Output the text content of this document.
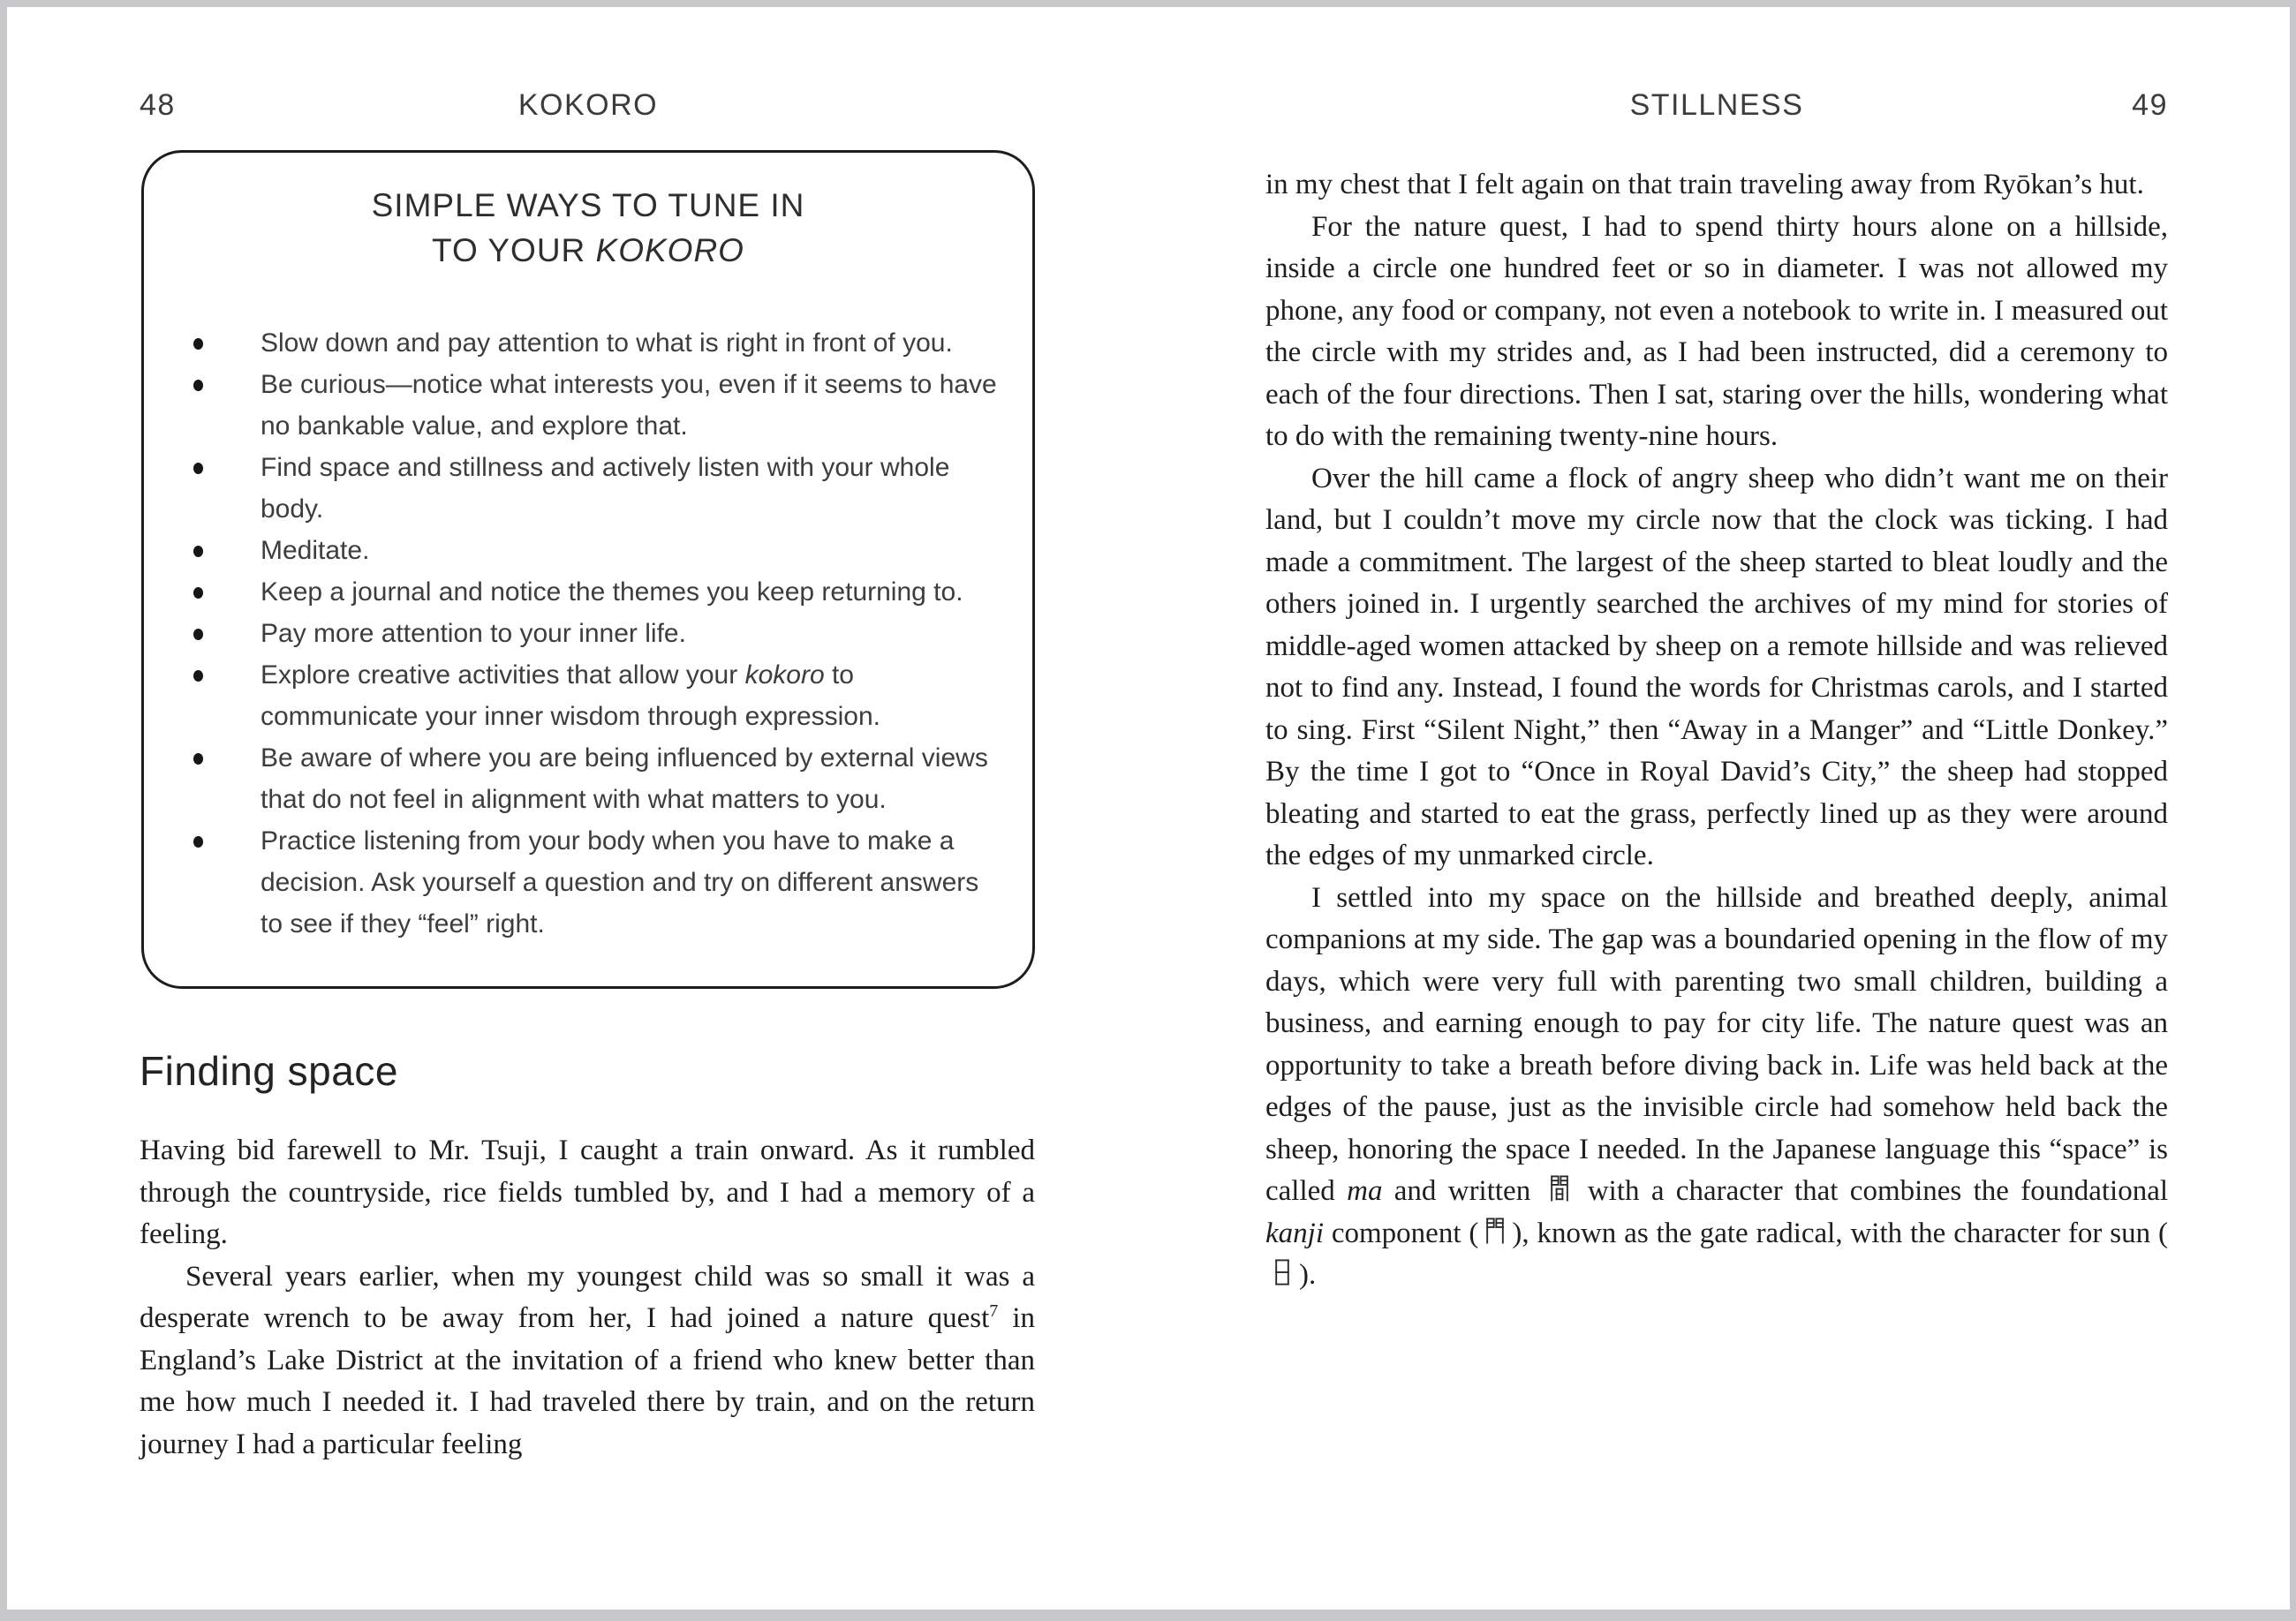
48	KOKORO

SIMPLE WAYS TO TUNE IN
TO YOUR KOKORO

Slow down and pay attention to what is right in front of you.
Be curious—notice what interests you, even if it seems to have no bankable value, and explore that.
Find space and stillness and actively listen with your whole body.
Meditate.
Keep a journal and notice the themes you keep returning to.
Pay more attention to your inner life.
Explore creative activities that allow your kokoro to communicate your inner wisdom through expression.
Be aware of where you are being influenced by external views that do not feel in alignment with what matters to you.
Practice listening from your body when you have to make a decision. Ask yourself a question and try on different answers to see if they “feel” right.
Finding space

Having bid farewell to Mr. Tsuji, I caught a train onward. As it rumbled through the countryside, rice fields tumbled by, and I had a memory of a feeling.

Several years earlier, when my youngest child was so small it was a desperate wrench to be away from her, I had joined a nature quest$^7$ in England’s Lake District at the invitation of a friend who knew better than me how much I needed it. I had traveled there by train, and on the return journey I had a particular feeling

STILLNESS	49

in my chest that I felt again on that train traveling away from Ryōkan’s hut.

For the nature quest, I had to spend thirty hours alone on a hillside, inside a circle one hundred feet or so in diameter. I was not allowed my phone, any food or company, not even a notebook to write in. I measured out the circle with my strides and, as I had been instructed, did a ceremony to each of the four directions. Then I sat, staring over the hills, wondering what to do with the remaining twenty-nine hours.

Over the hill came a flock of angry sheep who didn’t want me on their land, but I couldn’t move my circle now that the clock was ticking. I had made a commitment. The largest of the sheep started to bleat loudly and the others joined in. I urgently searched the archives of my mind for stories of middle-aged women attacked by sheep on a remote hillside and was relieved not to find any. Instead, I found the words for Christmas carols, and I started to sing. First “Silent Night,” then “Away in a Manger” and “Little Donkey.” By the time I got to “Once in Royal David’s City,” the sheep had stopped bleating and started to eat the grass, perfectly lined up as they were around the edges of my unmarked circle.

I settled into my space on the hillside and breathed deeply, animal companions at my side. The gap was a boundaried opening in the flow of my days, which were very full with parenting two small children, building a business, and earning enough to pay for city life. The nature quest was an opportunity to take a breath before diving back in. Life was held back at the edges of the pause, just as the invisible circle had somehow held back the sheep, honoring the space I needed. In the Japanese language this “space” is called ma and written
with a character that combines the foundational kanji component ( ), known as the gate radical, with the character for sun (
).
